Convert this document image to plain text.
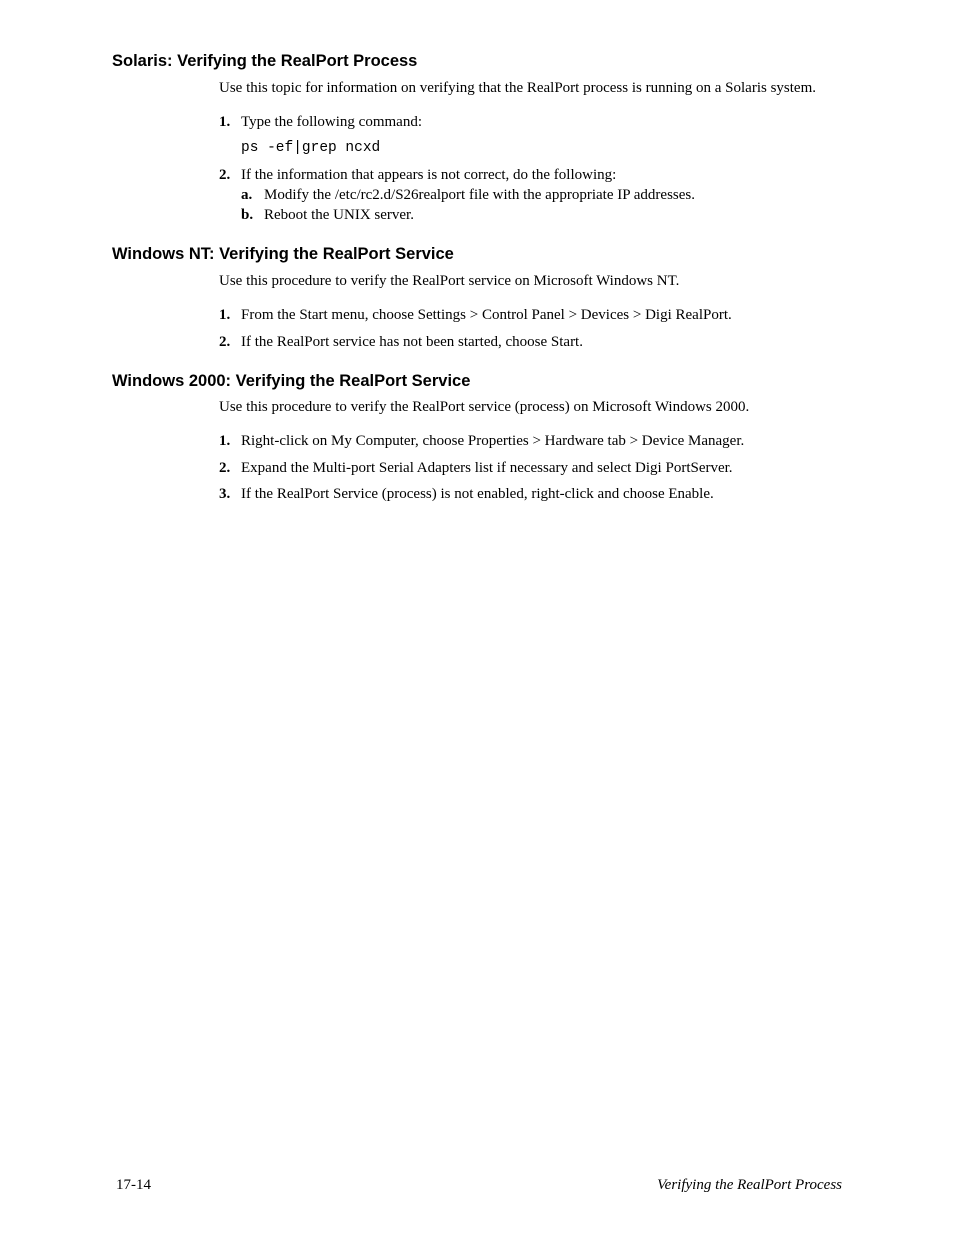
Solaris: Verifying the RealPort Process

Use this topic for information on verifying that the RealPort process is running on a Solaris system.

1. Type the following command:

ps -ef|grep ncxd

2. If the information that appears is not correct, do the following:

a. Modify the /etc/rc2.d/S26realport file with the appropriate IP addresses.

b. Reboot the UNIX server.

Windows NT: Verifying the RealPort Service

Use this procedure to verify the RealPort service on Microsoft Windows NT.

1. From the Start menu, choose Settings > Control Panel > Devices > Digi RealPort.

2. If the RealPort service has not been started, choose Start.

Windows 2000: Verifying the RealPort Service

Use this procedure to verify the RealPort service (process) on Microsoft Windows 2000.

1. Right-click on My Computer, choose Properties > Hardware tab > Device Manager.

2. Expand the Multi-port Serial Adapters list if necessary and select Digi PortServer.

3. If the RealPort Service (process) is not enabled, right-click and choose Enable.

17-14	Verifying the RealPort Process
